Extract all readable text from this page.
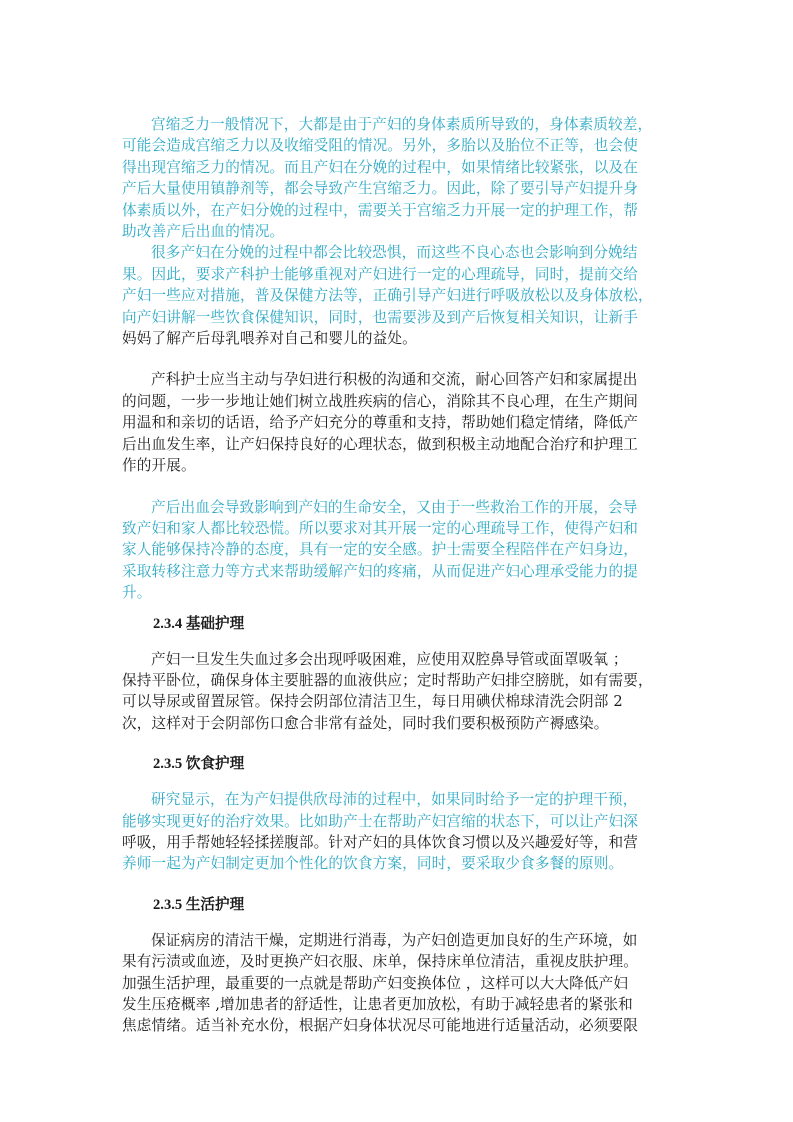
宫缩乏力一般情况下，大都是由于产妇的身体素质所导致的，身体素质较差，
可能会造成宫缩乏力以及收缩受阻的情况。另外，多胎以及胎位不正等，也会使
得出现宫缩乏力的情况。而且产妇在分娩的过程中，如果情绪比较紧张，以及在
产后大量使用镇静剂等，都会导致产生宫缩乏力。因此，除了要引导产妇提升身
体素质以外，在产妇分娩的过程中，需要关于宫缩乏力开展一定的护理工作，帮
助改善产后出血的情况。

很多产妇在分娩的过程中都会比较恐惧，而这些不良心态也会影响到分娩结
果。因此，要求产科护士能够重视对产妇进行一定的心理疏导，同时，提前交给
产妇一些应对措施，普及保健方法等，正确引导产妇进行呼吸放松以及身体放松，
向产妇讲解一些饮食保健知识，同时，也需要涉及到产后恢复相关知识，让新手
妈妈了解产后母乳喂养对自己和婴儿的益处。

产科护士应当主动与孕妇进行积极的沟通和交流，耐心回答产妇和家属提出
的问题，一步一步地让她们树立战胜疾病的信心，消除其不良心理，在生产期间
用温和和亲切的话语，给予产妇充分的尊重和支持，帮助她们稳定情绪，降低产
后出血发生率，让产妇保持良好的心理状态，做到积极主动地配合治疗和护理工
作的开展。

产后出血会导致影响到产妇的生命安全，又由于一些救治工作的开展，会导
致产妇和家人都比较恐慌。所以要求对其开展一定的心理疏导工作，使得产妇和
家人能够保持冷静的态度，具有一定的安全感。护士需要全程陪伴在产妇身边，
采取转移注意力等方式来帮助缓解产妇的疼痛，从而促进产妇心理承受能力的提
升。

2.3.4 基础护理

产妇一旦发生失血过多会出现呼吸困难，应使用双腔鼻导管或面罩吸氧 ；
保持平卧位，确保身体主要脏器的血液供应；定时帮助产妇排空膀胱，如有需要，
可以导尿或留置尿管。保持会阴部位清洁卫生，每日用碘伏棉球清洗会阴部 2
次，这样对于会阴部伤口愈合非常有益处，同时我们要积极预防产褥感染。

2.3.5 饮食护理

研究显示，在为产妇提供欣母沛的过程中，如果同时给予一定的护理干预，
能够实现更好的治疗效果。比如助产士在帮助产妇宫缩的状态下，可以让产妇深
呼吸，用手帮她轻轻揉搓腹部。针对产妇的具体饮食习惯以及兴趣爱好等，和营
养师一起为产妇制定更加个性化的饮食方案，同时，要采取少食多餐的原则。

2.3.5 生活护理

保证病房的清洁干燥，定期进行消毒，为产妇创造更加良好的生产环境，如
果有污渍或血迹，及时更换产妇衣服、床单，保持床单位清洁，重视皮肤护理。
加强生活护理，最重要的一点就是帮助产妇变换体位 ，这样可以大大降低产妇
发生压疮概率 ,增加患者的舒适性，让患者更加放松，有助于减轻患者的紧张和
焦虑情绪。适当补充水份，根据产妇身体状况尽可能地进行适量活动，必须要限
